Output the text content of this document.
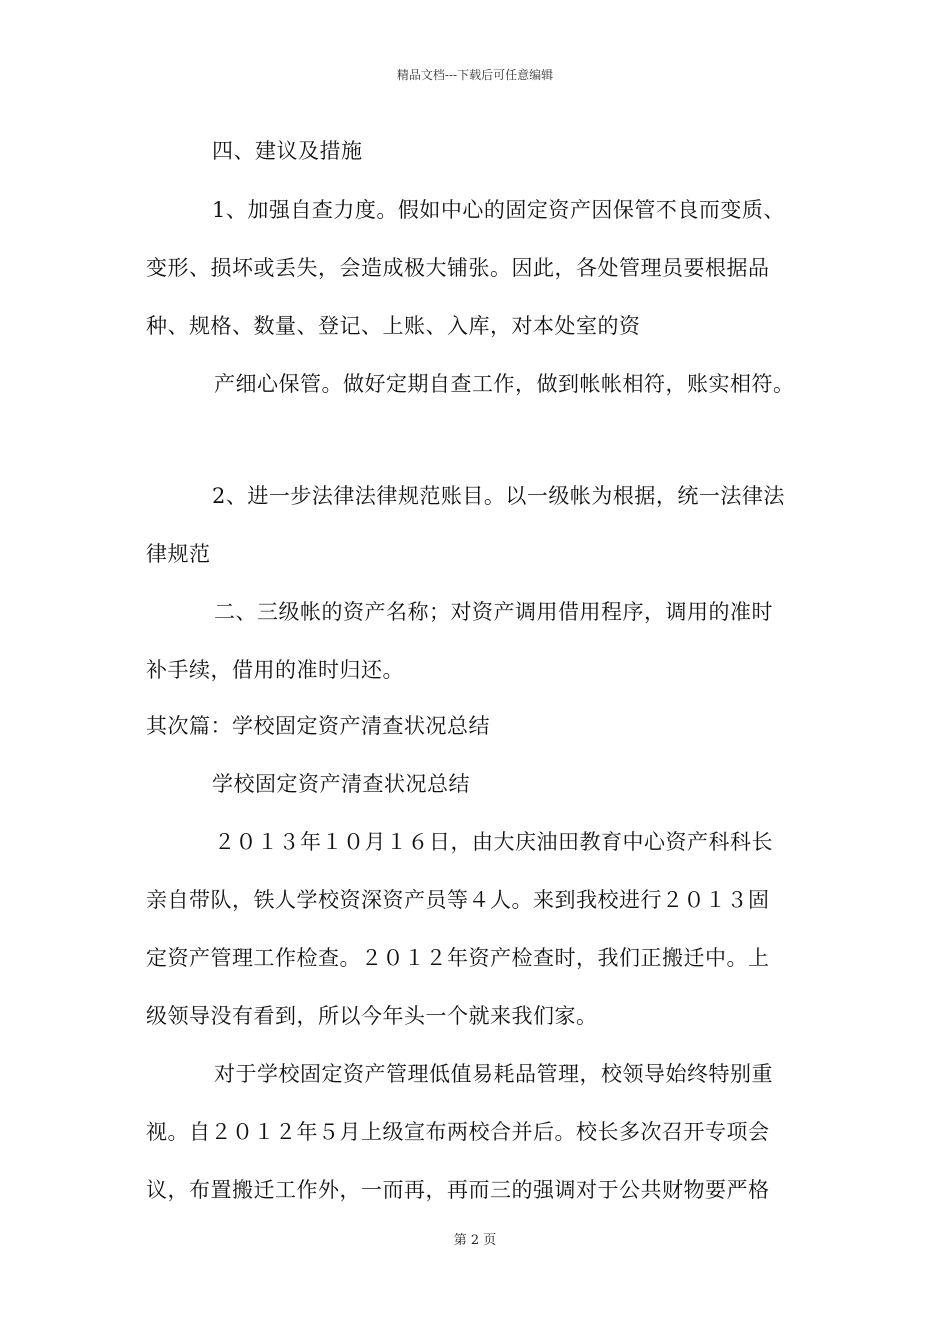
精品文档---下载后可任意编辑
四、建议及措施
1、加强自查力度。假如中心的固定资产因保管不良而变质、
变形、损坏或丢失，会造成极大铺张。因此，各处管理员要根据品
种、规格、数量、登记、上账、入库，对本处室的资
产细心保管。做好定期自查工作，做到帐帐相符，账实相符。
2、进一步法律法律规范账目。以一级帐为根据，统一法律法
律规范
二、三级帐的资产名称；对资产调用借用程序，调用的准时
补手续，借用的准时归还。
其次篇：学校固定资产清查状况总结
学校固定资产清查状况总结
２０１３年１０月１６日，由大庆油田教育中心资产科科长
亲自带队，铁人学校资深资产员等４人。来到我校进行２０１３固
定资产管理工作检查。２０１２年资产检查时，我们正搬迁中。上
级领导没有看到，所以今年头一个就来我们家。
对于学校固定资产管理低值易耗品管理，校领导始终特别重
视。自２０１２年５月上级宣布两校合并后。校长多次召开专项会
议，布置搬迁工作外，一而再，再而三的强调对于公共财物要严格
第 2 页
